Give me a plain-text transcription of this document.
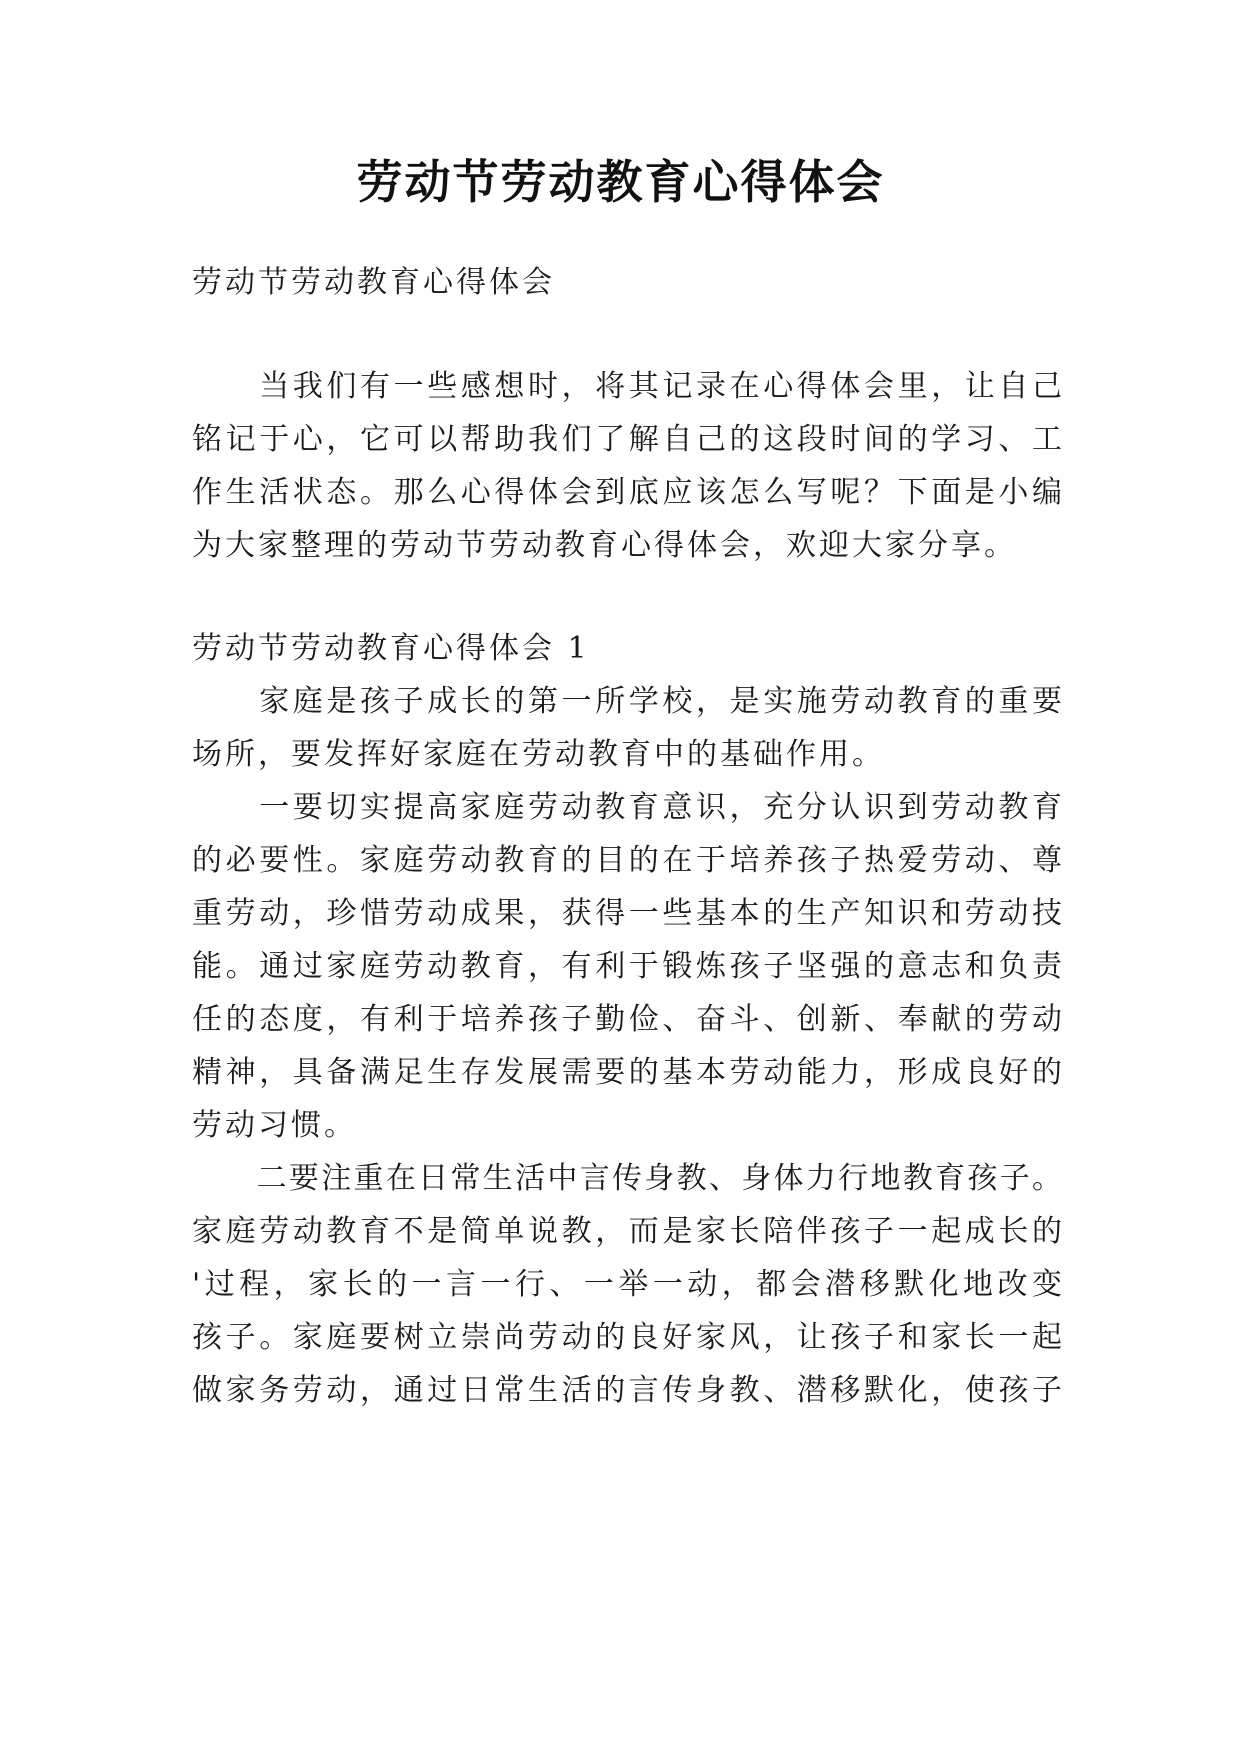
劳动节劳动教育心得体会
劳动节劳动教育心得体会
　　当我们有一些感想时，将其记录在心得体会里，让自己
铭记于心，它可以帮助我们了解自己的这段时间的学习、工
作生活状态。那么心得体会到底应该怎么写呢？下面是小编
为大家整理的劳动节劳动教育心得体会，欢迎大家分享。
劳动节劳动教育心得体会 1
　　家庭是孩子成长的第一所学校，是实施劳动教育的重要
场所，要发挥好家庭在劳动教育中的基础作用。
　　一要切实提高家庭劳动教育意识，充分认识到劳动教育
的必要性。家庭劳动教育的目的在于培养孩子热爱劳动、尊
重劳动，珍惜劳动成果，获得一些基本的生产知识和劳动技
能。通过家庭劳动教育，有利于锻炼孩子坚强的意志和负责
任的态度，有利于培养孩子勤俭、奋斗、创新、奉献的劳动
精神，具备满足生存发展需要的基本劳动能力，形成良好的
劳动习惯。
　　二要注重在日常生活中言传身教、身体力行地教育孩子。
家庭劳动教育不是简单说教，而是家长陪伴孩子一起成长的
'过程，家长的一言一行、一举一动，都会潜移默化地改变
孩子。家庭要树立崇尚劳动的良好家风，让孩子和家长一起
做家务劳动，通过日常生活的言传身教、潜移默化，使孩子
